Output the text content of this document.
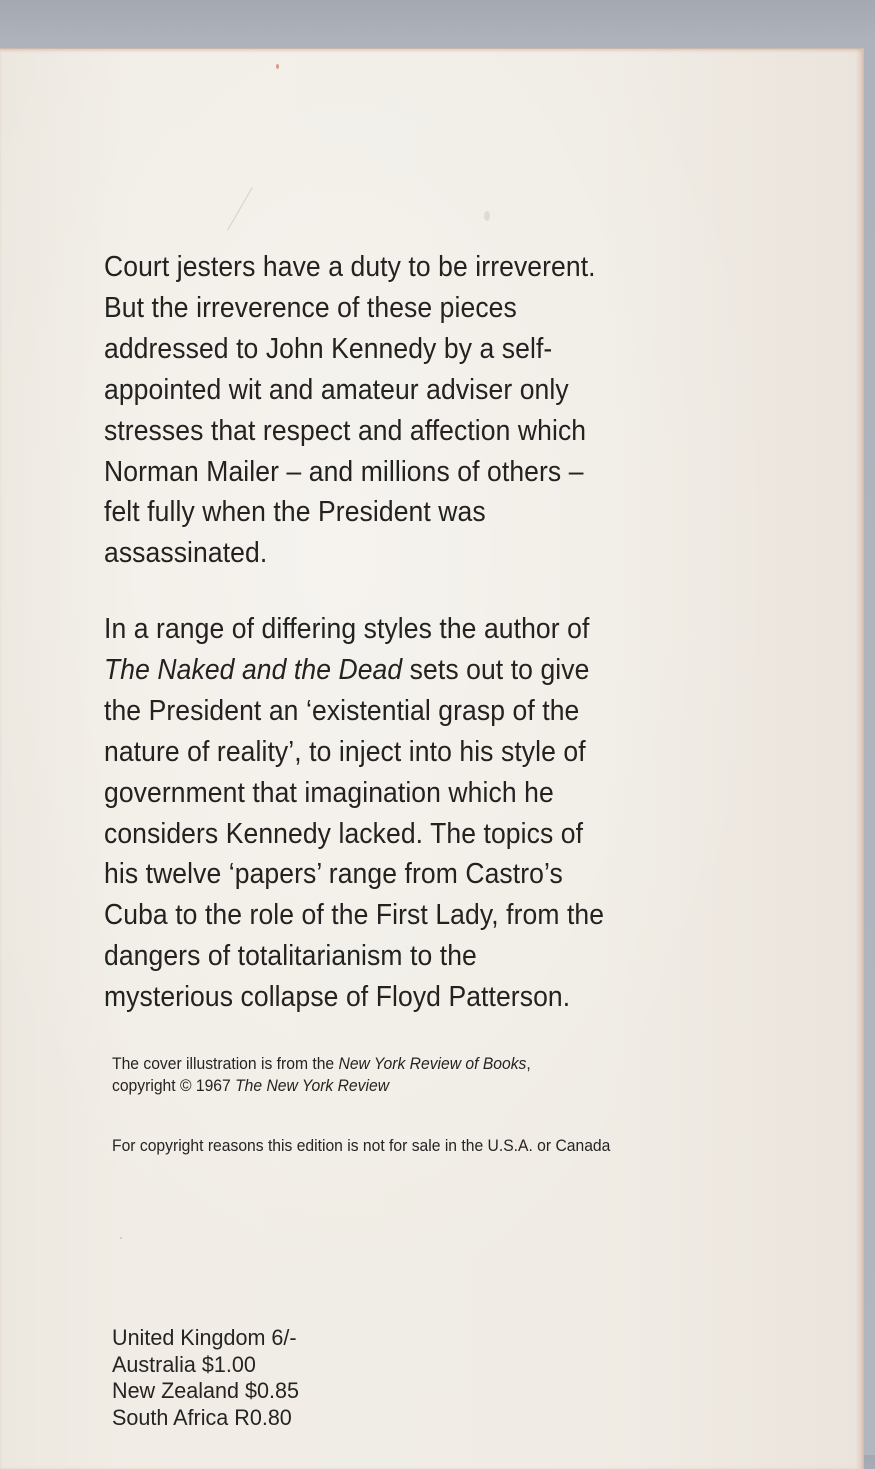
Court jesters have a duty to be irreverent.
But the irreverence of these pieces
addressed to John Kennedy by a self-
appointed wit and amateur adviser only
stresses that respect and affection which
Norman Mailer – and millions of others –
felt fully when the President was
assassinated.
In a range of differing styles the author of
The Naked and the Dead sets out to give
the President an ‘existential grasp of the
nature of reality’, to inject into his style of
government that imagination which he
considers Kennedy lacked. The topics of
his twelve ‘papers’ range from Castro’s
Cuba to the role of the First Lady, from the
dangers of totalitarianism to the
mysterious collapse of Floyd Patterson.
The cover illustration is from the New York Review of Books,
copyright © 1967 The New York Review
For copyright reasons this edition is not for sale in the U.S.A. or Canada
United Kingdom 6/-
Australia $1.00
New Zealand $0.85
South Africa R0.80
